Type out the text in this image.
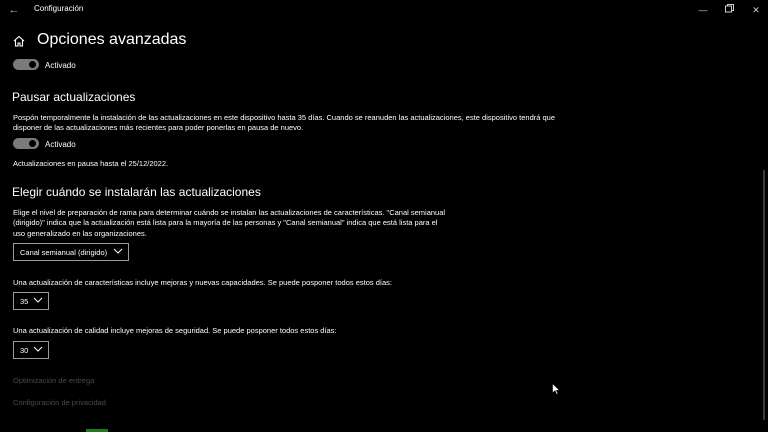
← Configuración	—	✕
Opciones avanzadas
Activado
Pausar actualizaciones
Pospón temporalmente la instalación de las actualizaciones en este dispositivo hasta 35 días. Cuando se reanuden las actualizaciones, este dispositivo tendrá que
disponer de las actualizaciones más recientes para poder ponerlas en pausa de nuevo.
Activado
Actualizaciones en pausa hasta el 25/12/2022.
Elegir cuándo se instalarán las actualizaciones
Elige el nivel de preparación de rama para determinar cuándo se instalan las actualizaciones de características. "Canal semianual
(dirigido)" indica que la actualización está lista para la mayoría de las personas y "Canal semianual" indica que está lista para el
uso generalizado en las organizaciones.
Canal semianual (dirigido)
Una actualización de características incluye mejoras y nuevas capacidades. Se puede posponer todos estos días:
35
Una actualización de calidad incluye mejoras de seguridad. Se puede posponer todos estos días:
30
Optimización de entrega
Configuración de privacidad
